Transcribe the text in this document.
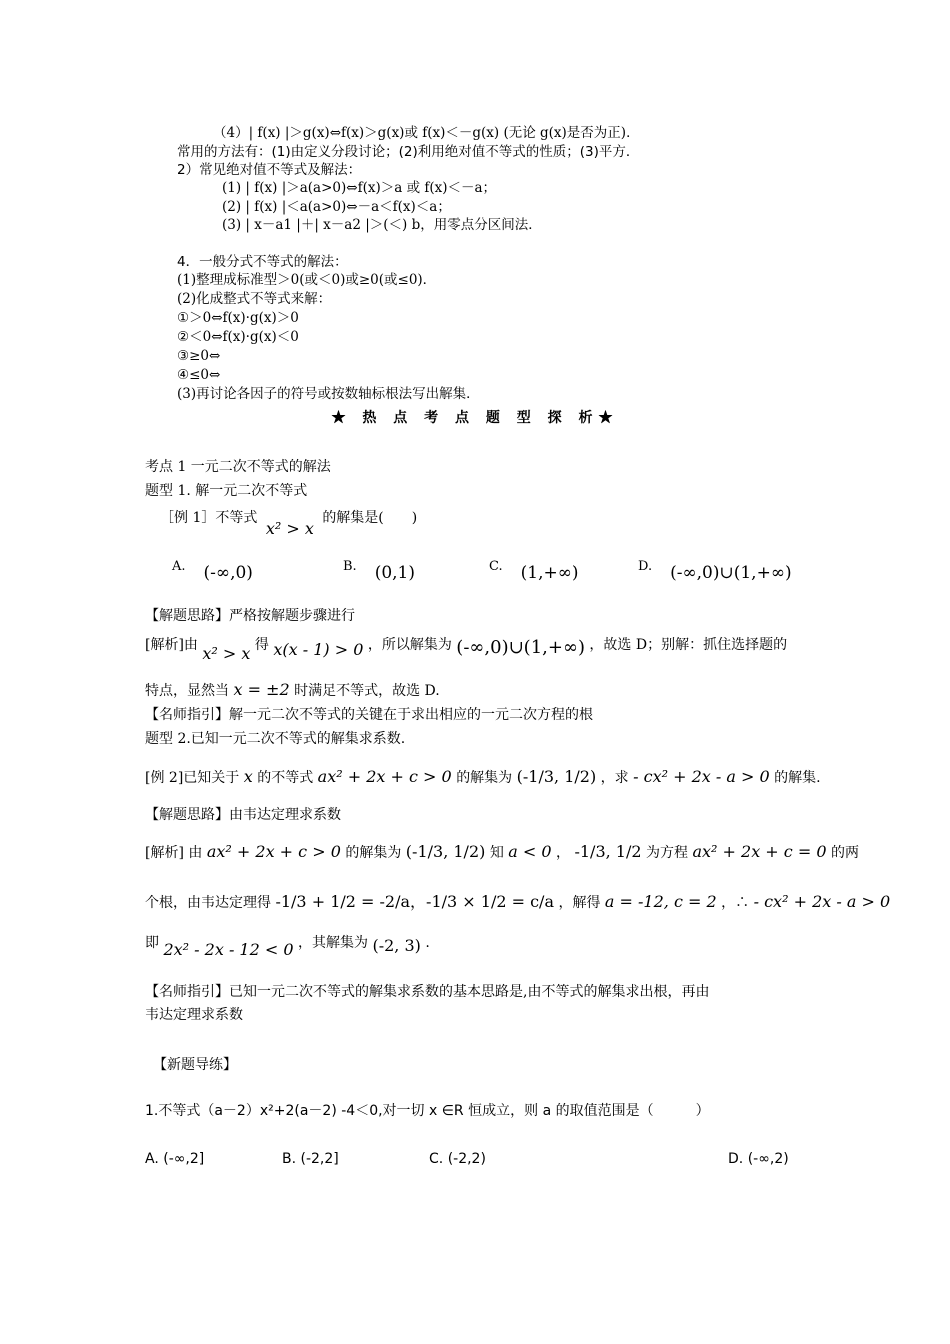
（4）| f(x) |＞g(x)⇔f(x)＞g(x)或 f(x)＜－g(x) (无论 g(x)是否为正)．
常用的方法有：(1)由定义分段讨论；(2)利用绝对值不等式的性质；(3)平方．
2）常见绝对值不等式及解法：
(1) | f(x) |＞a(a>0)⇔f(x)＞a 或 f(x)＜－a；
(2) | f(x) |＜a(a>0)⇔－a＜f(x)＜a；
(3) | x－a1 |＋| x－a2 |＞(＜) b，用零点分区间法．
4．一般分式不等式的解法：
(1)整理成标准型＞0(或＜0)或≥0(或≤0)．
(2)化成整式不等式来解：
①＞0⇔f(x)·g(x)＞0
②＜0⇔f(x)·g(x)＜0
③≥0⇔
④≤0⇔
(3)再讨论各因子的符号或按数轴标根法写出解集．
★ 热 点 考 点 题 型 探 析★
考点 1 一元二次不等式的解法
题型 1. 解一元二次不等式
［例 1］不等式 x² > x 的解集是(　　)
$^{A.}$ (-∞,0)	$^{B.}$ (0,1)	$^{C.}$ (1,+∞)	$^{D.}$ (-∞,0)∪(1,+∞)
【解题思路】严格按解题步骤进行
[解析]由 x² > x 得 x(x - 1) > 0 ，所以解集为 (-∞,0)∪(1,+∞) ，故选 D；别解：抓住选择题的
特点，显然当 x = ±2 时满足不等式，故选 D.
【名师指引】解一元二次不等式的关键在于求出相应的一元二次方程的根
题型 2.已知一元二次不等式的解集求系数.
[例 2]已知关于 x 的不等式 ax² + 2x + c > 0 的解集为 (-1/3, 1/2) ，求 - cx² + 2x - a > 0 的解集.
【解题思路】由韦达定理求系数
[解析] 由 ax² + 2x + c > 0 的解集为 (-1/3, 1/2) 知 a < 0 ， -1/3, 1/2 为方程 ax² + 2x + c = 0 的两
个根，由韦达定理得 -1/3 + 1/2 = -2/a，-1/3 × 1/2 = c/a ，解得 a = -12, c = 2 ，∴ - cx² + 2x - a > 0
即 2x² - 2x - 12 < 0 ，其解集为 (-2, 3) .
【名师指引】已知一元二次不等式的解集求系数的基本思路是,由不等式的解集求出根，再由
韦达定理求系数
【新题导练】
1.不等式（a－2）x²+2(a－2) -4＜0,对一切 x ∈R 恒成立，则 a 的取值范围是（　　　）
A. (-∞,2]	B. (-2,2]	C. (-2,2)	D. (-∞,2)
